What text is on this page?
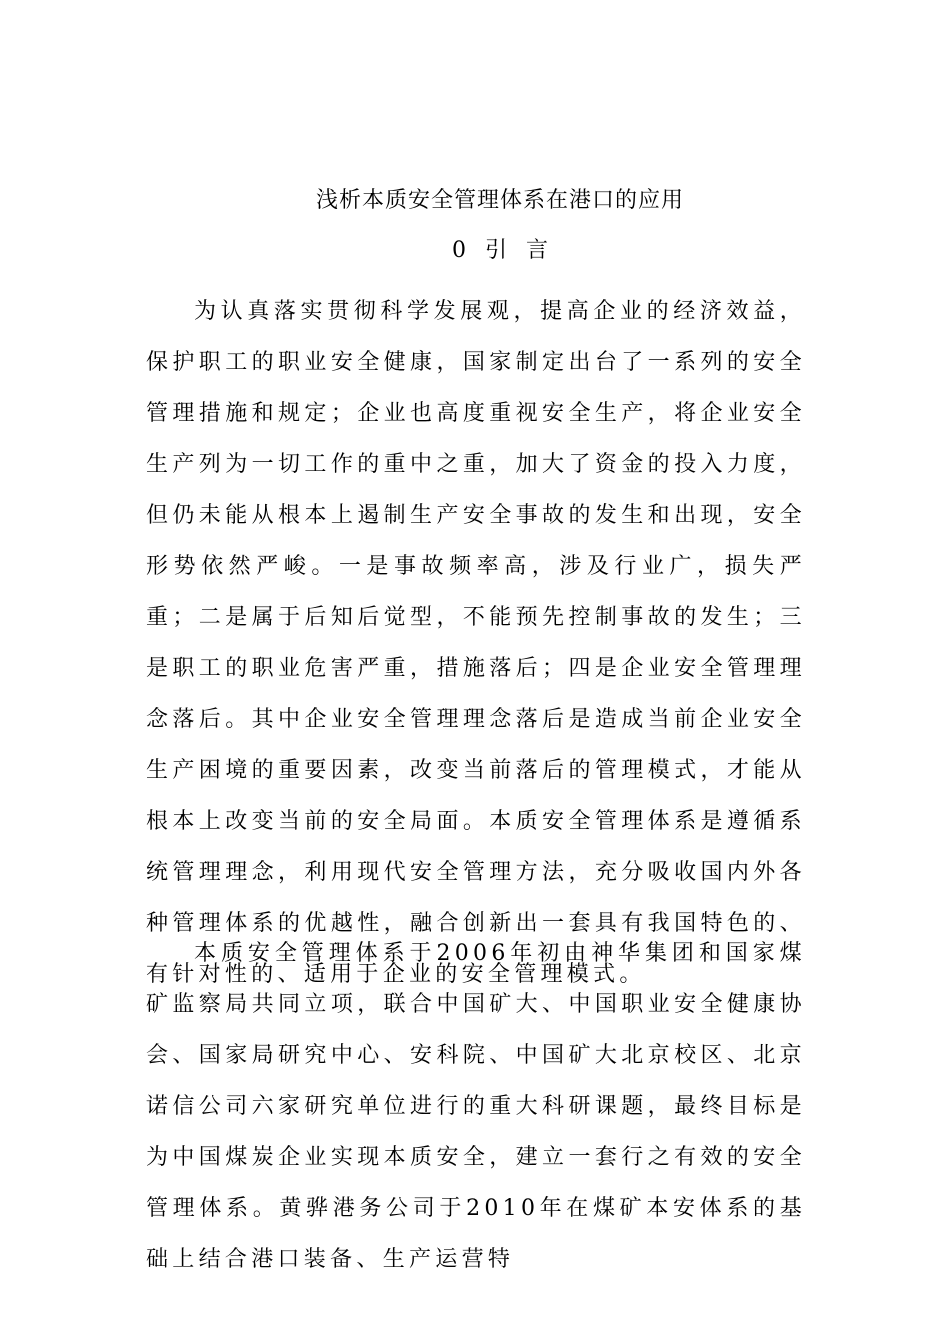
浅析本质安全管理体系在港口的应用
0 引 言

为认真落实贯彻科学发展观，提高企业的经济效益，保护职工的职业安全健康，国家制定出台了一系列的安全管理措施和规定；企业也高度重视安全生产，将企业安全生产列为一切工作的重中之重，加大了资金的投入力度，但仍未能从根本上遏制生产安全事故的发生和出现，安全形势依然严峻。一是事故频率高，涉及行业广，损失严重；二是属于后知后觉型，不能预先控制事故的发生；三是职工的职业危害严重，措施落后；四是企业安全管理理念落后。其中企业安全管理理念落后是造成当前企业安全生产困境的重要因素，改变当前落后的管理模式，才能从根本上改变当前的安全局面。本质安全管理体系是遵循系统管理理念，利用现代安全管理方法，充分吸收国内外各种管理体系的优越性，融合创新出一套具有我国特色的、有针对性的、适用于企业的安全管理模式。

本质安全管理体系于2006年初由神华集团和国家煤矿监察局共同立项，联合中国矿大、中国职业安全健康协会、国家局研究中心、安科院、中国矿大北京校区、北京诺信公司六家研究单位进行的重大科研课题，最终目标是为中国煤炭企业实现本质安全，建立一套行之有效的安全管理体系。黄骅港务公司于2010年在煤矿本安体系的基础上结合港口装备、生产运营特
